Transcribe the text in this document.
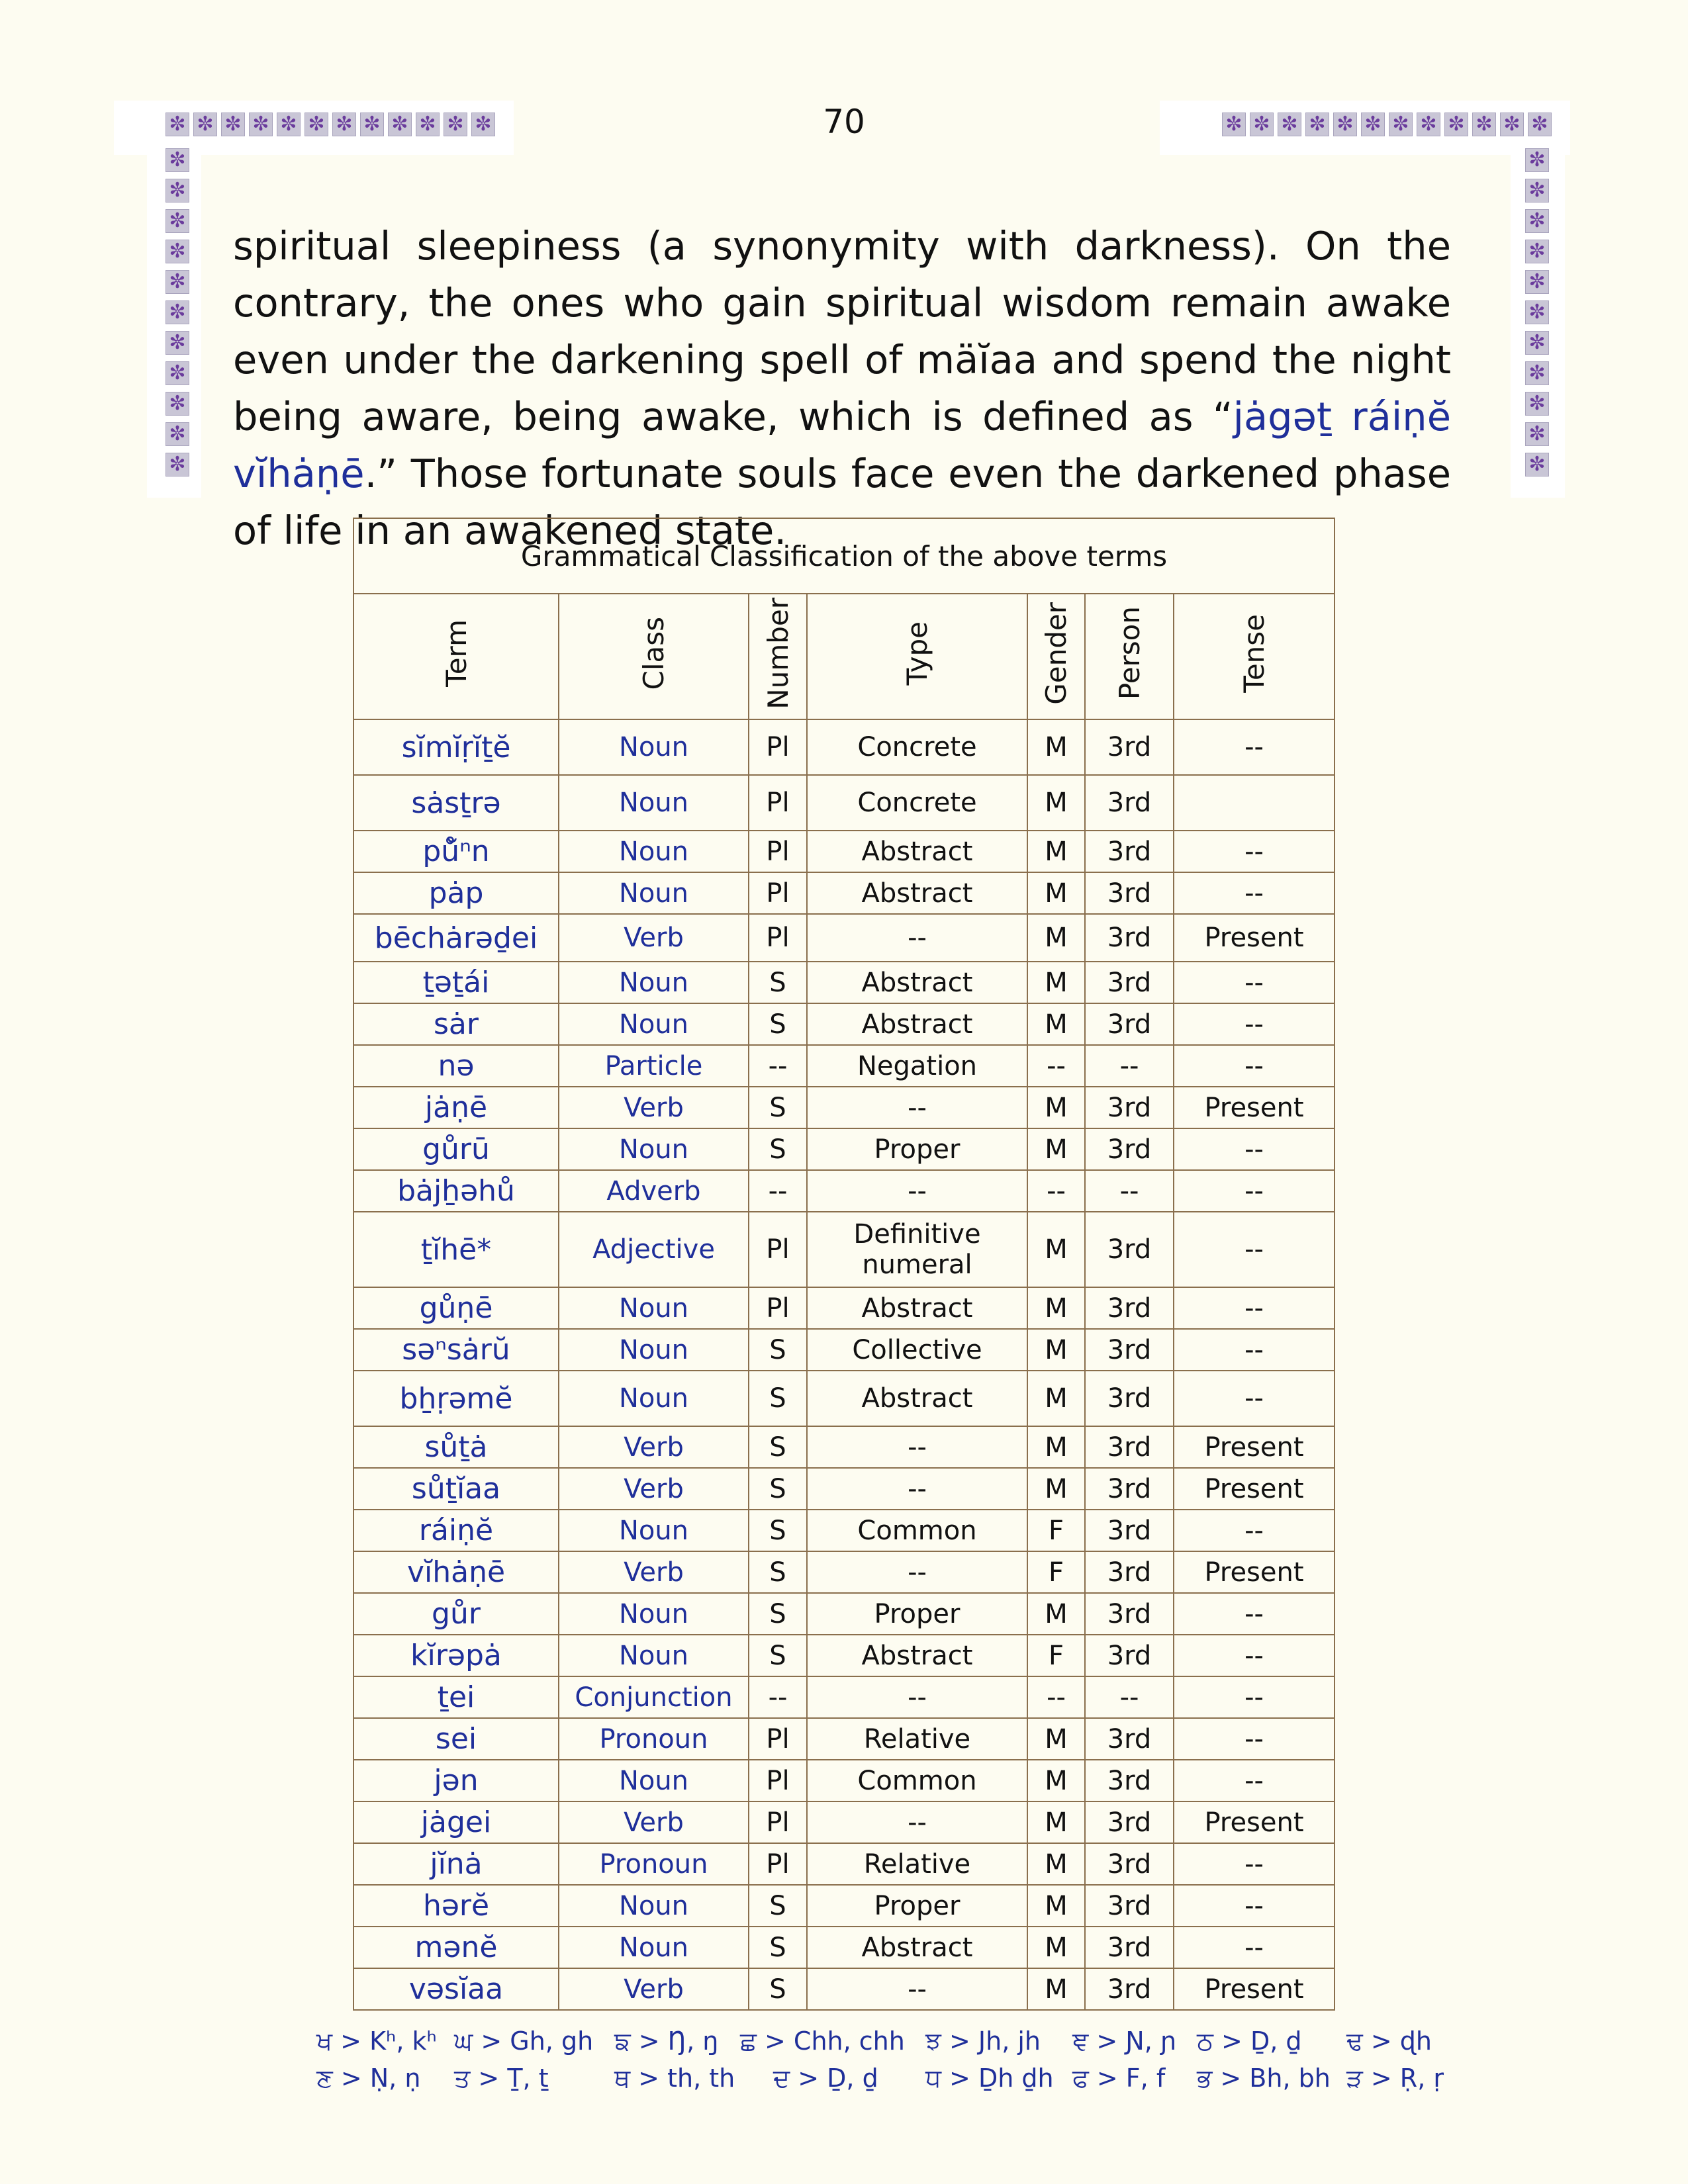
✼ ✼ ✼ ✼ ✼ ✼ ✼ ✼ ✼ ✼ ✼ ✼	✼ ✼ ✼ ✼ ✼ ✼ ✼ ✼ ✼ ✼ ✼ ✼
✼
✼
✼
✼
✼
✼
✼
✼
✼
✼
✼
✼
✼
✼
✼
✼
✼
✼
✼
✼
✼
✼
70

spiritual sleepiness (a synonymity with darkness). On the contrary, the ones who gain spiritual wisdom remain awake even under the darkening spell of mäĭaa and spend the night being aware, being awake, which is defined as “jȧgəṯ ráiṇĕ vĭhȧṇē.” Those fortunate souls face even the darkened phase of life in an awakened state.

Grammatical Classification of the above terms						
Term	Class	Number	Type	Gender	Person	Tense
sĭmĭṛĭṯĕ	Noun	Pl	Concrete	M	3rd	--
sȧsṯrə	Noun	Pl	Concrete	M	3rd	
pů̆ⁿn	Noun	Pl	Abstract	M	3rd	--
pȧp	Noun	Pl	Abstract	M	3rd	--
bēchȧrəḏei	Verb	Pl	--	M	3rd	Present
ṯəṯái	Noun	S	Abstract	M	3rd	--
sȧr	Noun	S	Abstract	M	3rd	--
nə	Particle	--	Negation	--	--	--
jȧṇē	Verb	S	--	M	3rd	Present
gůrū	Noun	S	Proper	M	3rd	--
bȧjẖəhů	Adverb	--	--	--	--	--
ṯĭhē*	Adjective	Pl	Definitive numeral	M	3rd	--
gůṇē	Noun	Pl	Abstract	M	3rd	--
səⁿsȧrŭ	Noun	S	Collective	M	3rd	--
bẖṛəmĕ	Noun	S	Abstract	M	3rd	--
sůṯȧ	Verb	S	--	M	3rd	Present
sůṯĭaa	Verb	S	--	M	3rd	Present
ráiṇĕ	Noun	S	Common	F	3rd	--
vĭhȧṇē	Verb	S	--	F	3rd	Present
gůr	Noun	S	Proper	M	3rd	--
kĭrəpȧ	Noun	S	Abstract	F	3rd	--
ṯei	Conjunction	--	--	--	--	--
sei	Pronoun	Pl	Relative	M	3rd	--
jən	Noun	Pl	Common	M	3rd	--
jȧgei	Verb	Pl	--	M	3rd	Present
jĭnȧ	Pronoun	Pl	Relative	M	3rd	--
hərĕ	Noun	S	Proper	M	3rd	--
mənĕ	Noun	S	Abstract	M	3rd	--
vəsĭaa	Verb	S	--	M	3rd	Present
ਖ > Kʰ, kʰ ਘ > Gh, gh ਙ > Ŋ, ŋ ਛ > Chh, chh ਝ > Jh, jh ਞ > Ɲ, ɲ ਠ > Ḏ, ḏ ਢ > ɖh
ਣ > Ṇ, ṇ ਤ > Ṯ, ṯ	ਥ > th, th ਦ > Ḏ, ḏ ਧ > Ḏh ḏh ਫ > F, f ਭ > Bh, bh ੜ > Ṛ, ṛ
